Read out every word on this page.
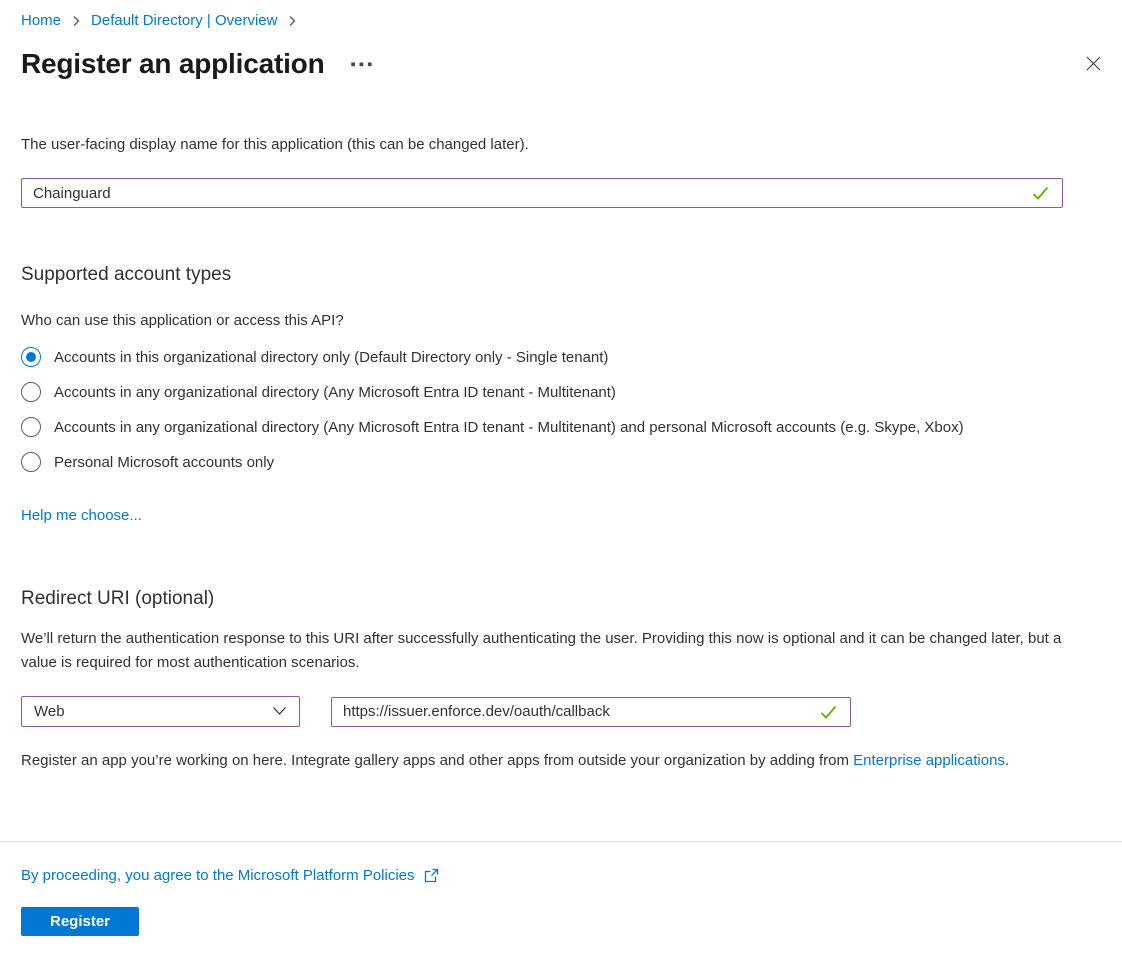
Home Default Directory | Overview
Register an application ▪▪▪
The user-facing display name for this application (this can be changed later).
Chainguard
Supported account types
Who can use this application or access this API?
Accounts in this organizational directory only (Default Directory only - Single tenant)
Accounts in any organizational directory (Any Microsoft Entra ID tenant - Multitenant)
Accounts in any organizational directory (Any Microsoft Entra ID tenant - Multitenant) and personal Microsoft accounts (e.g. Skype, Xbox)
Personal Microsoft accounts only
Help me choose...
Redirect URI (optional)
We’ll return the authentication response to this URI after successfully authenticating the user. Providing this now is optional and it can be changed later, but a value is required for most authentication scenarios.
Web
https://issuer.enforce.dev/oauth/callback
Register an app you’re working on here. Integrate gallery apps and other apps from outside your organization by adding from Enterprise applications.
By proceeding, you agree to the Microsoft Platform Policies

Register
